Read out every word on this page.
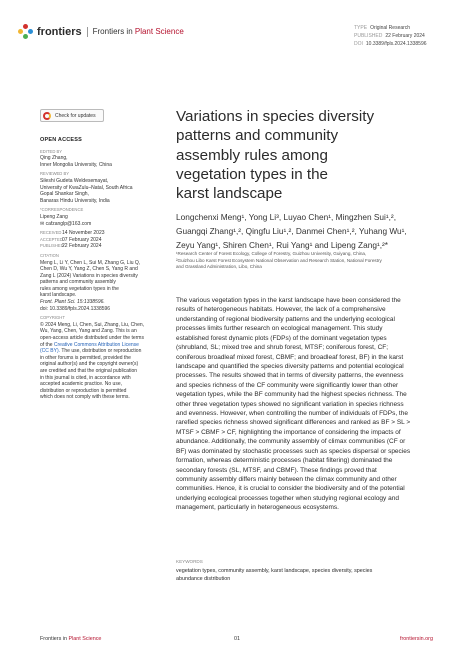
frontiers Frontiers in Plant Science	TYPE Original Research
PUBLISHED 22 February 2024
DOI 10.3389/fpls.2024.1338596
Check for updates
OPEN ACCESS
EDITED BY
Qing Zhang,
Inner Mongolia University, China
REVIEWED BY
Sileshi Gudeta Weldesemayat,
University of KwaZulu–Natal, South Africa
Gopal Shankar Singh,
Banaras Hindu University, India
*CORRESPONDENCE
Lipeng Zang
✉ cafzanglp@163.com
RECEIVED 14 November 2023
ACCEPTED 07 February 2024
PUBLISHED
22 February 2024
CITATION
Meng L, Li Y, Chen L, Sui M, Zhang G, Liu Q,
Chen D, Wu Y, Yang Z, Chen S, Yang R and
Zang L (2024) Variations in species diversity
patterns and community assembly
rules among vegetation types in the
karst landscape.
Front. Plant Sci. 15:1338596.
doi: 10.3389/fpls.2024.1338596
COPYRIGHT
© 2024 Meng, Li, Chen, Sui, Zhang, Liu, Chen,
Wu, Yang, Chen, Yang and Zang. This is an
open-access article distributed under the terms
of the Creative Commons Attribution License
(CC BY). The use, distribution or reproduction
in other forums is permitted, provided the
original author(s) and the copyright owner(s)
are credited and that the original publication
in this journal is cited, in accordance with
accepted academic practice. No use,
distribution or reproduction is permitted
which does not comply with these terms.
Variations in species diversity
patterns and community
assembly rules among
vegetation types in the
karst landscape
Longchenxi Meng¹, Yong Li³, Luyao Chen¹, Mingzhen Sui¹,²,
Guangqi Zhang¹,², Qingfu Liu¹,², Danmei Chen¹,², Yuhang Wu¹,
Zeyu Yang¹, Shiren Chen¹, Rui Yang¹ and Lipeng Zang¹,²*
¹Research Center of Forest Ecology, College of Forestry, Guizhou University, Guiyang, China,
²Guizhou Libo Karst Forest Ecosystem National Observation and Research Station, National Forestry
and Grassland Administration, Libo, China
The various vegetation types in the karst landscape have been considered the
results of heterogeneous habitats. However, the lack of a comprehensive
understanding of regional biodiversity patterns and the underlying ecological
processes limits further research on ecological management. This study
established forest dynamic plots (FDPs) of the dominant vegetation types
(shrubland, SL; mixed tree and shrub forest, MTSF; coniferous forest, CF;
coniferous broadleaf mixed forest, CBMF; and broadleaf forest, BF) in the karst
landscape and quantified the species diversity patterns and potential ecological
processes. The results showed that in terms of diversity patterns, the evenness
and species richness of the CF community were significantly lower than other
vegetation types, while the BF community had the highest species richness. The
other three vegetation types showed no significant variation in species richness
and evenness. However, when controlling the number of individuals of FDPs, the
rarefied species richness showed significant differences and ranked as BF > SL >
MTSF > CBMF > CF, highlighting the importance of considering the impacts of
abundance. Additionally, the community assembly of climax communities (CF or
BF) was dominated by stochastic processes such as species dispersal or species
formation, whereas deterministic processes (habitat filtering) dominated the
secondary forests (SL, MTSF, and CBMF). These findings proved that
community assembly differs mainly between the climax community and other
communities. Hence, it is crucial to consider the biodiversity and of the potential
underlying ecological processes together when studying regional ecology and
management, particularly in heterogeneous ecosystems.
KEYWORDS
vegetation types, community assembly, karst landscape, species diversity, species
abundance distribution
Frontiers in Plant Science	01	frontiersin.org
